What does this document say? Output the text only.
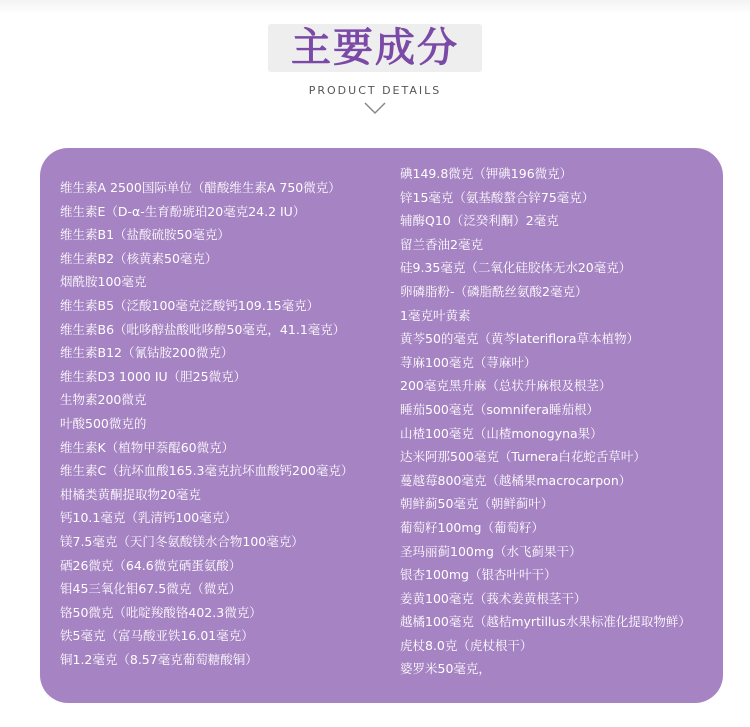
主要成分
PRODUCT DETAILS
维生素A 2500国际单位（醋酸维生素A 750微克）
维生素E（D-α-生育酚琥珀20毫克24.2 IU）
维生素B1（盐酸硫胺50毫克）
维生素B2（核黄素50毫克）
烟酰胺100毫克
维生素B5（泛酸100毫克泛酸钙109.15毫克）
维生素B6（吡哆醇盐酸吡哆醇50毫克，41.1毫克）
维生素B12（氰钴胺200微克）
维生素D3 1000 IU（胆25微克）
生物素200微克
叶酸500微克的
维生素K（植物甲萘醌60微克）
维生素C（抗坏血酸165.3毫克抗坏血酸钙200毫克）
柑橘类黄酮提取物20毫克
钙10.1毫克（乳清钙100毫克）
镁7.5毫克（天门冬氨酸镁水合物100毫克）
硒26微克（64.6微克硒蛋氨酸）
钼45三氧化钼67.5微克（微克）
铬50微克（吡啶羧酸铬402.3微克）
铁5毫克（富马酸亚铁16.01毫克）
铜1.2毫克（8.57毫克葡萄糖酸铜）
碘149.8微克（钾碘196微克）
锌15毫克（氨基酸螯合锌75毫克）
辅酶Q10（泛癸利酮）2毫克
留兰香油2毫克
硅9.35毫克（二氧化硅胶体无水20毫克）
卵磷脂粉-（磷脂酰丝氨酸2毫克）
1毫克叶黄素
黄芩50的毫克（黄芩lateriflora草本植物）
荨麻100毫克（荨麻叶）
200毫克黑升麻（总状升麻根及根茎）
睡茄500毫克（somnifera睡茄根）
山楂100毫克（山楂monogyna果）
达米阿那500毫克（Turnera白花蛇舌草叶）
蔓越莓800毫克（越橘果macrocarpon）
朝鲜蓟50毫克（朝鲜蓟叶）
葡萄籽100mg（葡萄籽）
圣玛丽蓟100mg（水飞蓟果干）
银杏100mg（银杏叶叶干）
姜黄100毫克（莪术姜黄根茎干）
越橘100毫克（越桔myrtillus水果标准化提取物鲜）
虎杖8.0克（虎杖根干）
婆罗米50毫克，
